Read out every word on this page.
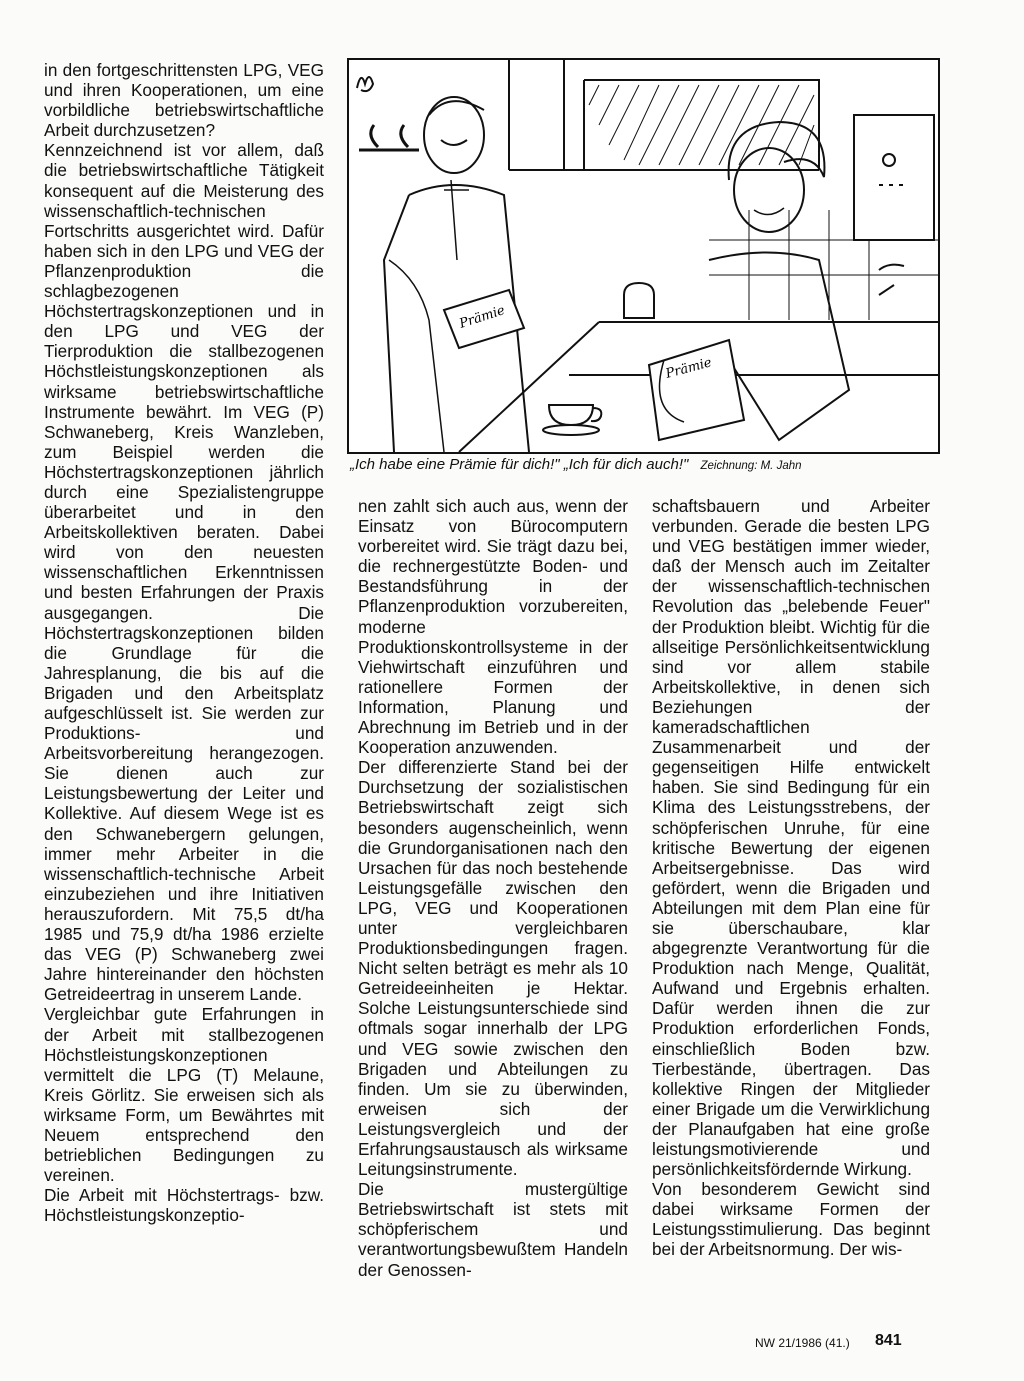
in den fortgeschrittensten LPG, VEG und ihren Kooperationen, um eine vorbildliche betriebswirtschaftliche Arbeit durchzusetzen?

Kennzeichnend ist vor allem, daß die betriebswirtschaftliche Tätigkeit konsequent auf die Meisterung des wissenschaftlich-technischen Fortschritts ausgerichtet wird. Dafür haben sich in den LPG und VEG der Pflanzenproduktion die schlagbezogenen Höchstertragskonzeptionen und in den LPG und VEG der Tierproduktion die stallbezogenen Höchstleistungskonzeptionen als wirksame betriebswirtschaftliche Instrumente bewährt. Im VEG (P) Schwaneberg, Kreis Wanzleben, zum Beispiel werden die Höchstertragskonzeptionen jährlich durch eine Spezialistengruppe überarbeitet und in den Arbeitskollektiven beraten. Dabei wird von den neuesten wissenschaftlichen Erkenntnissen und besten Erfahrungen der Praxis ausgegangen. Die Höchstertragskonzeptionen bilden die Grundlage für die Jahresplanung, die bis auf die Brigaden und den Arbeitsplatz aufgeschlüsselt ist. Sie werden zur Produktions- und Arbeitsvorbereitung herangezogen. Sie dienen auch zur Leistungsbewertung der Leiter und Kollektive. Auf diesem Wege ist es den Schwanebergern gelungen, immer mehr Arbeiter in die wissenschaftlich-technische Arbeit einzubeziehen und ihre Initiativen herauszufordern. Mit 75,5 dt/ha 1985 und 75,9 dt/ha 1986 erzielte das VEG (P) Schwaneberg zwei Jahre hintereinander den höchsten Getreideertrag in unserem Lande.

Vergleichbar gute Erfahrungen in der Arbeit mit stallbezogenen Höchstleistungskonzeptionen vermittelt die LPG (T) Melaune, Kreis Görlitz. Sie erweisen sich als wirksame Form, um Bewährtes mit Neuem entsprechend den betrieblichen Bedingungen zu vereinen.

Die Arbeit mit Höchstertrags- bzw. Höchstleistungskonzeptio-

Prämie
Prämie
„Ich habe eine Prämie für dich!" „Ich für dich auch!" Zeichnung: M. Jahn

nen zahlt sich auch aus, wenn der Einsatz von Bürocomputern vorbereitet wird. Sie trägt dazu bei, die rechnergestützte Boden- und Bestandsführung in der Pflanzenproduktion vorzubereiten, moderne Produktionskontrollsysteme in der Viehwirtschaft einzuführen und rationellere Formen der Information, Planung und Abrechnung im Betrieb und in der Kooperation anzuwenden.

Der differenzierte Stand bei der Durchsetzung der sozialistischen Betriebswirtschaft zeigt sich besonders augenscheinlich, wenn die Grundorganisationen nach den Ursachen für das noch bestehende Leistungsgefälle zwischen den LPG, VEG und Kooperationen unter vergleichbaren Produktionsbedingungen fragen. Nicht selten beträgt es mehr als 10 Getreideeinheiten je Hektar. Solche Leistungsunterschiede sind oftmals sogar innerhalb der LPG und VEG sowie zwischen den Brigaden und Abteilungen zu finden. Um sie zu überwinden, erweisen sich der Leistungsvergleich und der Erfahrungsaustausch als wirksame Leitungsinstrumente.

Die mustergültige Betriebswirtschaft ist stets mit schöpferischem und verantwortungsbewußtem Handeln der Genossen-

schaftsbauern und Arbeiter verbunden. Gerade die besten LPG und VEG bestätigen immer wieder, daß der Mensch auch im Zeitalter der wissenschaftlich-technischen Revolution das „belebende Feuer" der Produktion bleibt. Wichtig für die allseitige Persönlichkeitsentwicklung sind vor allem stabile Arbeitskollektive, in denen sich Beziehungen der kameradschaftlichen Zusammenarbeit und der gegenseitigen Hilfe entwickelt haben. Sie sind Bedingung für ein Klima des Leistungsstrebens, der schöpferischen Unruhe, für eine kritische Bewertung der eigenen Arbeitsergebnisse. Das wird gefördert, wenn die Brigaden und Abteilungen mit dem Plan eine für sie überschaubare, klar abgegrenzte Verantwortung für die Produktion nach Menge, Qualität, Aufwand und Ergebnis erhalten. Dafür werden ihnen die zur Produktion erforderlichen Fonds, einschließlich Boden bzw. Tierbestände, übertragen. Das kollektive Ringen der Mitglieder einer Brigade um die Verwirklichung der Planaufgaben hat eine große leistungsmotivierende und persönlichkeitsfördernde Wirkung.

Von besonderem Gewicht sind dabei wirksame Formen der Leistungsstimulierung. Das beginnt bei der Arbeitsnormung. Der wis-

NW 21/1986 (41.) 841
